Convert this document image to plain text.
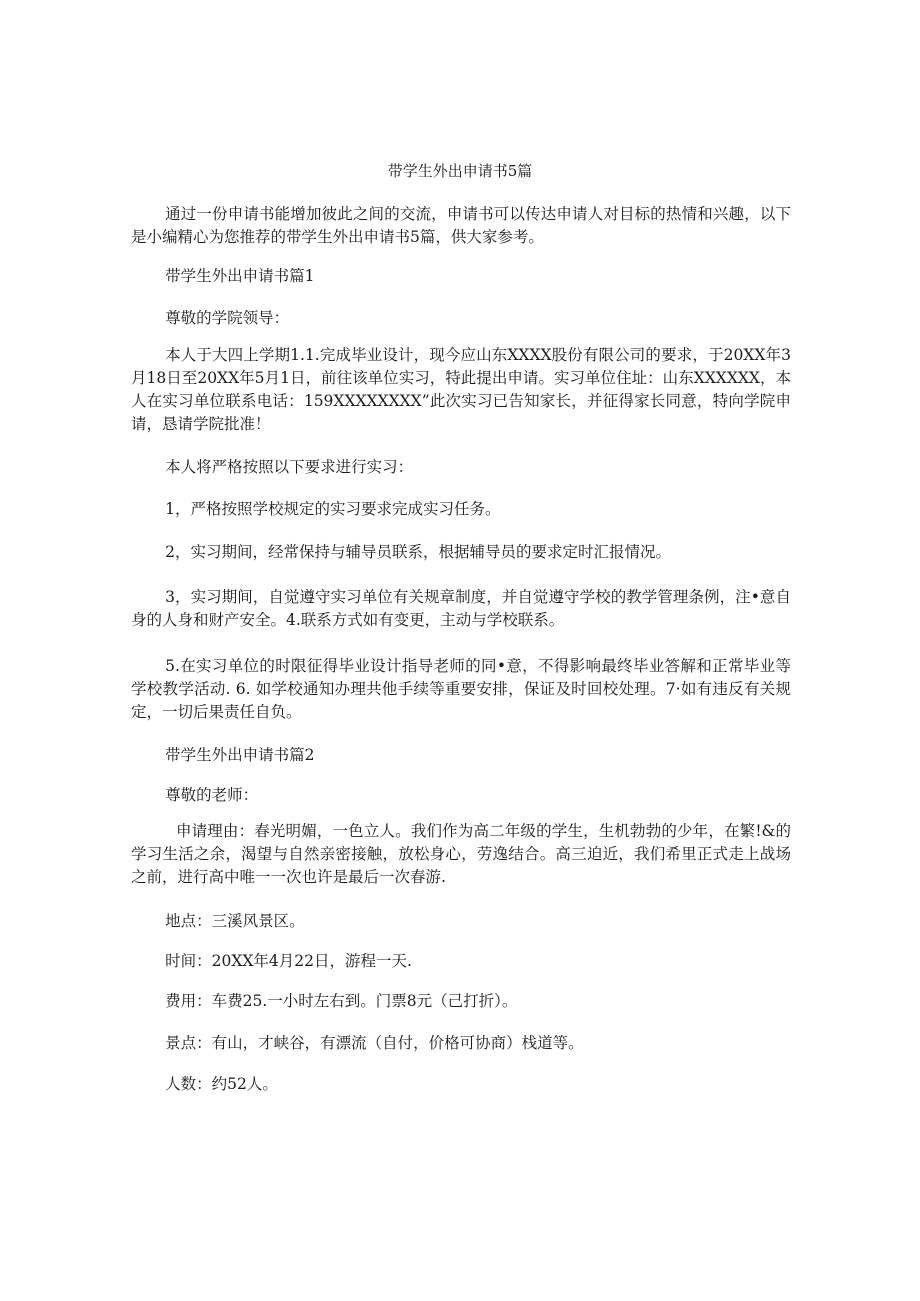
带学生外出申请书5篇

通过一份申请书能增加彼此之间的交流，申请书可以传达申请人对目标的热情和兴趣，以下是小编精心为您推荐的带学生外出申请书5篇，供大家参考。

带学生外出申请书篇1

尊敬的学院领导：

本人于大四上学期1.1.完成毕业设计，现今应山东XXXX股份有限公司的要求，于20XX年3月18日至20XX年5月1日，前往该单位实习，特此提出申请。实习单位住址：山东XXXXXX，本人在实习单位联系电话：159XXXXXXXX”此次实习已告知家长，并征得家长同意，特向学院申请，恳请学院批准！

本人将严格按照以下要求进行实习：

1，严格按照学校规定的实习要求完成实习任务。

2，实习期间，经常保持与辅导员联系，根据辅导员的要求定时汇报情况。

3，实习期间，自觉遵守实习单位有关规章制度，并自觉遵守学校的教学管理条例，注•意自身的人身和财产安全。4.联系方式如有变更，主动与学校联系。

5.在实习单位的时限征得毕业设计指导老师的同•意，不得影响最终毕业答解和正常毕业等学校教学活动. 6. 如学校通知办理共他手续等重要安排，保证及时回校处理。7·如有违反有关规定，一切后果责任自负。

带学生外出申请书篇2

尊敬的老师：

申请理由：春光明媚，一色立人。我们作为高二年级的学生，生机勃勃的少年，在繁!&的学习生活之余，渴望与自然亲密接触，放松身心，劳逸结合。高三迫近，我们希里正式走上战场之前，进行高中唯一一次也许是最后一次春游.

地点：三溪风景区。

时间：20XX年4月22日，游程一天.

费用：车费25.一小时左右到。门票8元（己打折）。

景点：有山，才峡谷，有漂流（自付，价格可协商）栈道等。

人数：约52人。
